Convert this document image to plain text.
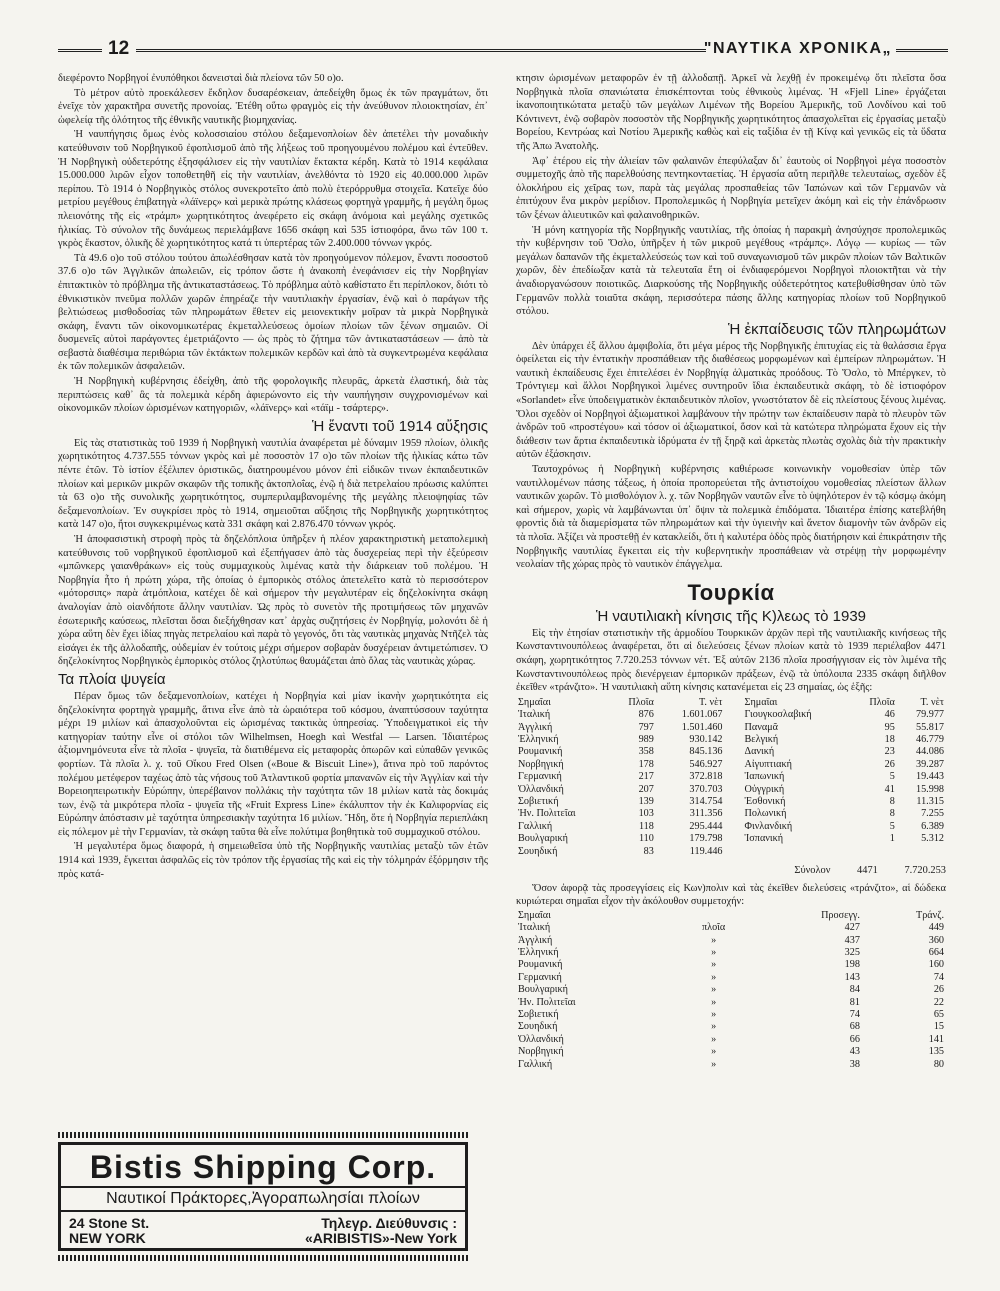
12	"ΝΑΥΤΙΚΑ ΧΡΟΝΙΚΑ„

διεφέροντο Νορβηγοί ἐνυπόθηκοι δανεισταὶ διὰ πλείονα τῶν 50 ο)ο.

Τὸ μέτρον αὐτὸ προεκάλεσεν ἔκδηλον δυσαρέσκειαν, ἀπεδείχθη ὅμως ἐκ τῶν πραγμάτων, ὅτι ἐνεῖχε τὸν χαρακτῆρα συνετῆς προνοίας. Ἐτέθη οὕτω φραγμὸς εἰς τὴν ἀνεύθυνον πλοιοκτησίαν, ἐπ᾽ ὠφελείᾳ τῆς ὁλότητος τῆς ἐθνικῆς ναυτικῆς βιομηχανίας.

Ἡ ναυπήγησις ὅμως ἑνὸς κολοσσιαίου στόλου δεξαμενοπλοίων δὲν ἀπετέλει τὴν μοναδικὴν κατεύθυνσιν τοῦ Νορβηγικοῦ ἐφοπλισμοῦ ἀπὸ τῆς λήξεως τοῦ προηγουμένου πολέμου καὶ ἐντεῦθεν. Ἡ Νορβηγικὴ οὐδετερότης ἐξησφάλισεν εἰς τὴν ναυτιλίαν ἔκτακτα κέρδη. Κατὰ τὸ 1914 κεφάλαια 15.000.000 λιρῶν εἶχον τοποθετηθῆ εἰς τὴν ναυτιλίαν, ἀνελθόντα τὸ 1920 εἰς 40.000.000 λιρῶν περίπου. Τὸ 1914 ὁ Νορβηγικὸς στόλος συνεκροτεῖτο ἀπὸ πολὺ ἑτερόρρυθμα στοιχεῖα. Κατεῖχε δύο μετρίου μεγέθους ἐπιβατηγὰ «λάϊνερς» καὶ μερικὰ πρώτης κλάσεως φορτηγὰ γραμμῆς, ἡ μεγάλη ὅμως πλειονότης τῆς εἰς «τράμπ» χωρητικότητος ἀνεφέρετο εἰς σκάφη ἀνόμοια καὶ μεγάλης σχετικῶς ἡλικίας. Τὸ σύνολον τῆς δυνάμεως περιελάμβανε 1656 σκάφη καὶ 535 ἱστιοφόρα, ἄνω τῶν 100 τ. γκρὸς ἕκαστον, ὁλικῆς δὲ χωρητικότητος κατά τι ὑπερτέρας τῶν 2.400.000 τόννων γκρός.

Τὰ 49.6 ο)ο τοῦ στόλου τούτου ἀπωλέσθησαν κατὰ τὸν προηγούμενον πόλεμον, ἔναντι ποσοστοῦ 37.6 ο)ο τῶν Ἀγγλικῶν ἀπωλειῶν, εἰς τρόπον ὥστε ἡ ἀνακοπὴ ἐνεφάνισεν εἰς τὴν Νορβηγίαν ἐπιτακτικὸν τὸ πρόβλημα τῆς ἀντικαταστάσεως. Τὸ πρόβλημα αὐτὸ καθίστατο ἔτι περίπλοκον, διότι τὸ ἐθνικιστικὸν πνεῦμα πολλῶν χωρῶν ἐπηρέαζε τὴν ναυτιλιακὴν ἐργασίαν, ἐνῷ καὶ ὁ παράγων τῆς βελτιώσεως μισθοδοσίας τῶν πληρωμάτων ἔθετεν εἰς μειονεκτικὴν μοῖραν τὰ μικρὰ Νορβηγικὰ σκάφη, ἔναντι τῶν οἰκονομικωτέρας ἐκμεταλλεύσεως ὁμοίων πλοίων τῶν ξένων σημαιῶν. Οἱ δυσμενεῖς αὐτοὶ παράγοντες ἐμετριάζοντο — ὡς πρὸς τὸ ζήτημα τῶν ἀντικαταστάσεων — ἀπὸ τὰ σεβαστὰ διαθέσιμα περιθώρια τῶν ἐκτάκτων πολεμικῶν κερδῶν καὶ ἀπὸ τὰ συγκεντρωμένα κεφάλαια ἐκ τῶν πολεμικῶν ἀσφαλειῶν.

Ἡ Νορβηγικὴ κυβέρνησις ἐδείχθη, ἀπὸ τῆς φορολογικῆς πλευρᾶς, ἀρκετὰ ἐλαστική, διὰ τὰς περιπτώσεις καθ᾽ ἃς τὰ πολεμικὰ κέρδη ἀφιερώνοντο εἰς τὴν ναυπήγησιν συγχρονισμένων καὶ οἰκονομικῶν πλοίων ὡρισμένων κατηγοριῶν, «λάϊνερς» καὶ «τάϊμ - τσάρτερς».

Ἡ ἔναντι τοῦ 1914 αὔξησις

Εἰς τὰς στατιστικὰς τοῦ 1939 ἡ Νορβηγικὴ ναυτιλία ἀναφέρεται μὲ δύναμιν 1959 πλοίων, ὁλικῆς χωρητικότητος 4.737.555 τόννων γκρὸς καὶ μὲ ποσοστὸν 17 ο)ο τῶν πλοίων τῆς ἡλικίας κάτω τῶν πέντε ἐτῶν. Τὸ ἱστίον ἐξέλιπεν ὁριστικῶς, διατηρουμένου μόνον ἐπὶ εἰδικῶν τινων ἐκπαιδευτικῶν πλοίων καὶ μερικῶν μικρῶν σκαφῶν τῆς τοπικῆς ἀκτοπλοΐας, ἐνῷ ἡ διὰ πετρελαίου πρόωσις καλύπτει τὰ 63 ο)ο τῆς συνολικῆς χωρητικότητος, συμπεριλαμβανομένης τῆς μεγάλης πλειοψηφίας τῶν δεξαμενοπλοίων. Ἐν συγκρίσει πρὸς τὸ 1914, σημειοῦται αὔξησις τῆς Νορβηγικῆς χωρητικότητος κατὰ 147 ο)ο, ἤτοι συγκεκριμένως κατὰ 331 σκάφη καὶ 2.876.470 τόννων γκρός.

Ἡ ἀποφασιστικὴ στροφὴ πρὸς τὰ δηζελόπλοια ὑπῆρξεν ἡ πλέον χαρακτηριστικὴ μεταπολεμικὴ κατεύθυνσις τοῦ νορβηγικοῦ ἐφοπλισμοῦ καὶ ἐξεπήγασεν ἀπὸ τὰς δυσχερείας περὶ τὴν ἐξεύρεσιν «μπῶνκερς γαιανθράκων» εἰς τοὺς συμμαχικοὺς λιμένας κατὰ τὴν διάρκειαν τοῦ πολέμου. Ἡ Νορβηγία ἦτο ἡ πρώτη χώρα, τῆς ὁποίας ὁ ἐμπορικὸς στόλος ἀπετελεῖτο κατὰ τὸ περισσότερον «μότορσιπς» παρὰ ἀτμόπλοια, κατέχει δὲ καὶ σήμερον τὴν μεγαλυτέραν εἰς δηζελοκίνητα σκάφη ἀναλογίαν ἀπὸ οἱανδήποτε ἄλλην ναυτιλίαν. Ὡς πρὸς τὸ συνετὸν τῆς προτιμήσεως τῶν μηχανῶν ἐσωτερικῆς καύσεως, πλεῖσται ὅσαι διεξήχθησαν κατ᾽ ἀρχὰς συζητήσεις ἐν Νορβηγίᾳ, μολονότι δὲ ἡ χώρα αὕτη δὲν ἔχει ἰδίας πηγὰς πετρελαίου καὶ παρὰ τὸ γεγονός, ὅτι τὰς ναυτικὰς μηχανὰς Ντῆζελ τὰς εἰσάγει ἐκ τῆς ἀλλοδαπῆς, οὐδεμίαν ἐν τούτοις μέχρι σήμερον σοβαρὰν δυσχέρειαν ἀντιμετώπισεν. Ὁ δηζελοκίνητος Νορβηγικὸς ἐμπορικὸς στόλος ζηλοτύπως θαυμάζεται ἀπὸ ὅλας τὰς ναυτικὰς χώρας.

Τα πλοία ψυγεία

Πέραν ὅμως τῶν δεξαμενοπλοίων, κατέχει ἡ Νορβηγία καὶ μίαν ἱκανὴν χωρητικότητα εἰς δηζελοκίνητα φορτηγὰ γραμμῆς, ἅτινα εἶνε ἀπὸ τὰ ὡραιότερα τοῦ κόσμου, ἀναπτύσσουν ταχύτητα μέχρι 19 μιλίων καὶ ἀπασχολοῦνται εἰς ὡρισμένας τακτικὰς ὑπηρεσίας. Ὑποδειγματικοὶ εἰς τὴν κατηγορίαν ταύτην εἶνε οἱ στόλοι τῶν Wilhelmsen, Hoegh καὶ Westfal — Larsen. Ἰδιαιτέρως ἀξιομνημόνευτα εἶνε τὰ πλοῖα - ψυγεῖα, τὰ διατιθέμενα εἰς μεταφορὰς ὀπωρῶν καὶ εὐπαθῶν γενικῶς φορτίων. Τὰ πλοῖα λ. χ. τοῦ Οἴκου Fred Olsen («Boue & Biscuit Line»), ἅτινα πρὸ τοῦ παρόντος πολέμου μετέφερον ταχέως ἀπὸ τὰς νήσους τοῦ Ἀτλαντικοῦ φορτία μπανανῶν εἰς τὴν Ἀγγλίαν καὶ τὴν Βορειοηπειρωτικὴν Εὐρώπην, ὑπερέβαινον πολλάκις τὴν ταχύτητα τῶν 18 μιλίων κατὰ τὰς δοκιμάς των, ἐνῷ τὰ μικρότερα πλοῖα - ψυγεῖα τῆς «Fruit Express Line» ἐκάλυπτον τὴν ἐκ Καλιφορνίας εἰς Εὐρώπην ἀπόστασιν μὲ ταχύτητα ὑπηρεσιακὴν ταχύτητα 16 μιλίων. Ἤδη, ὅτε ἡ Νορβηγία περιεπλάκη εἰς πόλεμον μὲ τὴν Γερμανίαν, τὰ σκάφη ταῦτα θὰ εἶνε πολύτιμα βοηθητικὰ τοῦ συμμαχικοῦ στόλου.

Ἡ μεγαλυτέρα ὅμως διαφορά, ἡ σημειωθεῖσα ὑπὸ τῆς Νορβηγικῆς ναυτιλίας μεταξὺ τῶν ἐτῶν 1914 καὶ 1939, ἔγκειται ἀσφαλῶς εἰς τὸν τρόπον τῆς ἐργασίας τῆς καὶ εἰς τὴν τόλμηράν ἐξόρμησιν τῆς πρὸς κατά-

Bistis Shipping Corp.
Ναυτικοί Πράκτορες,Ἀγοραπωλησίαι πλοίων
24 Stone St.
NEW YORK
Τηλεγρ. Διεύθυνσις :
«ARIBISTIS»-New York

κτησιν ὡρισμένων μεταφορῶν ἐν τῇ ἀλλοδαπῇ. Ἀρκεῖ νὰ λεχθῇ ἐν προκειμένῳ ὅτι πλεῖστα ὅσα Νορβηγικὰ πλοῖα σπανιώτατα ἐπισκέπτονται τοὺς ἐθνικοὺς λιμένας. Ἡ «Fjell Line» ἐργάζεται ἱκανοποιητικώτατα μεταξὺ τῶν μεγάλων Λιμένων τῆς Βορείου Ἀμερικῆς, τοῦ Λονδίνου καὶ τοῦ Κόντινεντ, ἐνῷ σοβαρὸν ποσοστὸν τῆς Νορβηγικῆς χωρητικότητος ἀπασχολεῖται εἰς ἐργασίας μεταξὺ Βορείου, Κεντρώας καὶ Νοτίου Ἀμερικῆς καθὼς καὶ εἰς ταξίδια ἐν τῇ Κίνᾳ καὶ γενικῶς εἰς τὰ ὕδατα τῆς Ἀπω Ἀνατολῆς.

Ἀφ᾽ ἑτέρου εἰς τὴν ἁλιείαν τῶν φαλαινῶν ἐπεφύλαξαν δι᾽ ἑαυτοὺς οἱ Νορβηγοὶ μέγα ποσοστὸν συμμετοχῆς ἀπὸ τῆς παρελθούσης πεντηκονταετίας. Ἡ ἐργασία αὕτη περιῆλθε τελευταίως, σχεδὸν ἐξ ὁλοκλήρου εἰς χεῖρας των, παρὰ τὰς μεγάλας προσπαθείας τῶν Ἰαπώνων καὶ τῶν Γερμανῶν νὰ ἐπιτύχουν ἕνα μικρὸν μερίδιον. Προπολεμικῶς ἡ Νορβηγία μετεῖχεν ἀκόμη καὶ εἰς τὴν ἐπάνδρωσιν τῶν ξένων ἁλιευτικῶν καὶ φαλαινοθηρικῶν.

Ἡ μόνη κατηγορία τῆς Νορβηγικῆς ναυτιλίας, τῆς ὁποίας ἡ παρακμὴ ἀνησύχησε προπολεμικῶς τὴν κυβέρνησιν τοῦ Ὄσλο, ὑπῆρξεν ἡ τῶν μικροῦ μεγέθους «τράμπς». Λόγῳ — κυρίως — τῶν μεγάλων δαπανῶν τῆς ἐκμεταλλεύσεώς των καὶ τοῦ συναγωνισμοῦ τῶν μικρῶν πλοίων τῶν Βαλτικῶν χωρῶν, δὲν ἐπεδίωξαν κατὰ τὰ τελευταῖα ἔτη οἱ ἐνδιαφερόμενοι Νορβηγοὶ πλοιοκτῆται νὰ τὴν ἀναδιοργανώσουν ποιοτικῶς. Διαρκούσης τῆς Νορβηγικῆς οὐδετερότητος κατεβυθίσθησαν ὑπὸ τῶν Γερμανῶν πολλὰ τοιαῦτα σκάφη, περισσότερα πάσης ἄλλης κατηγορίας πλοίων τοῦ Νορβηγικοῦ στόλου.

Ἡ ἐκπαίδευσις τῶν πληρωμάτων

Δὲν ὑπάρχει ἐξ ἄλλου ἀμφιβολία, ὅτι μέγα μέρος τῆς Νορβηγικῆς ἐπιτυχίας εἰς τὰ θαλάσσια ἔργα ὀφείλεται εἰς τὴν ἐντατικὴν προσπάθειαν τῆς διαθέσεως μορφωμένων καὶ ἐμπείρων πληρωμάτων. Ἡ ναυτικὴ ἐκπαίδευσις ἔχει ἐπιτελέσει ἐν Νορβηγίᾳ ἁλματικὰς προόδους. Τὸ Ὄσλο, τὸ Μπέργκεν, τὸ Τρόντγιεμ καὶ ἄλλοι Νορβηγικοὶ λιμένες συντηροῦν ἴδια ἐκπαιδευτικὰ σκάφη, τὸ δὲ ἱστιοφόρον «Sorlandet» εἶνε ὑποδειγματικὸν ἐκπαιδευτικὸν πλοῖον, γνωστότατον δὲ εἰς πλείστους ξένους λιμένας. Ὅλοι σχεδὸν οἱ Νορβηγοὶ ἀξιωματικοὶ λαμβάνουν τὴν πρώτην των ἐκπαίδευσιν παρὰ τὸ πλευρὸν τῶν ἀνδρῶν τοῦ «προστέγου» καὶ τόσον οἱ ἀξιωματικοί, ὅσον καὶ τὰ κατώτερα πληρώματα ἔχουν εἰς τὴν διάθεσιν των ἄρτια ἐκπαιδευτικὰ ἱδρύματα ἐν τῇ ξηρᾷ καὶ ἀρκετὰς πλωτὰς σχολὰς διὰ τὴν πρακτικὴν αὐτῶν ἐξάσκησιν.

Ταυτοχρόνως ἡ Νορβηγικὴ κυβέρνησις καθιέρωσε κοινωνικὴν νομοθεσίαν ὑπὲρ τῶν ναυτιλλομένων πάσης τάξεως, ἡ ὁποία προπορεύεται τῆς ἀντιστοίχου νομοθεσίας πλείστων ἄλλων ναυτικῶν χωρῶν. Τὸ μισθολόγιον λ. χ. τῶν Νορβηγῶν ναυτῶν εἶνε τὸ ὑψηλότερον ἐν τῷ κόσμῳ ἀκόμη καὶ σήμερον, χωρὶς νὰ λαμβάνωνται ὑπ᾽ ὄψιν τὰ πολεμικὰ ἐπιδόματα. Ἰδιαιτέρα ἐπίσης κατεβλήθη φροντὶς διὰ τὰ διαμερίσματα τῶν πληρωμάτων καὶ τὴν ὑγιεινὴν καὶ ἄνετον διαμονὴν τῶν ἀνδρῶν εἰς τὰ πλοῖα. Ἀξίζει νὰ προστεθῇ ἐν κατακλείδι, ὅτι ἡ καλυτέρα ὁδὸς πρὸς διατήρησιν καὶ ἐπικράτησιν τῆς Νορβηγικῆς ναυτιλίας ἔγκειται εἰς τὴν κυβερνητικὴν προσπάθειαν νὰ στρέψῃ τὴν μορφωμένην νεολαίαν τῆς χώρας πρὸς τὸ ναυτικὸν ἐπάγγελμα.

Τουρκία
Ἡ ναυτιλιακὴ κίνησις τῆς Κ)λεως τὸ 1939

Εἰς τὴν ἐτησίαν στατιστικὴν τῆς ἁρμοδίου Τουρκικῶν ἀρχῶν περὶ τῆς ναυτιλιακῆς κινήσεως τῆς Κωνσταντινουπόλεως ἀναφέρεται, ὅτι αἱ διελεύσεις ξένων πλοίων κατὰ τὸ 1939 περιέλαβον 4471 σκάφη, χωρητικότητος 7.720.253 τόννων νέτ. Ἐξ αὐτῶν 2136 πλοῖα προσήγγισαν εἰς τὸν λιμένα τῆς Κωνσταντινουπόλεως πρὸς διενέργειαν ἐμπορικῶν πράξεων, ἐνῷ τὰ ὑπόλοιπα 2335 σκάφη διῆλθον ἐκεῖθεν «τράνζιτο». Ἡ ναυτιλιακὴ αὕτη κίνησις κατανέμεται εἰς 23 σημαίας, ὡς ἑξῆς:

Σημαῖαι	Πλοῖα	Τ. νὲτ		Σημαῖαι	Πλοῖα	Τ. νὲτ
Ἰταλική	876	1.601.067		Γιουγκοσλαβική	46	79.977
Ἀγγλική	797	1.501.460		Παναμᾶ	95	55.817
Ἑλληνική	989	930.142		Βελγική	18	46.779
Ρουμανική	358	845.136		Δανική	23	44.086
Νορβηγική	178	546.927		Αἰγυπτιακή	26	39.287
Γερμανική	217	372.818		Ἰαπωνική	5	19.443
Ὁλλανδική	207	370.703		Οὐγγρική	41	15.998
Σοβιετική	139	314.754		Ἐσθονική	8	11.315
Ἡν. Πολιτεῖαι	103	311.356		Πολωνική	8	7.255
Γαλλική	118	295.444		Φινλανδική	5	6.389
Βουλγαρική	110	179.798		Ἱσπανική	1	5.312
Σουηδική	83	119.446				
Σύνολον	4471	7.720.253

Ὅσον ἀφορᾷ τὰς προσεγγίσεις εἰς Κων)πολιν καὶ τὰς ἐκεῖθεν διελεύσεις «τράνζιτο», αἱ δώδεκα κυριώτεραι σημαῖαι εἶχον τὴν ἀκόλουθον συμμετοχήν:

Σημαῖαι		Προσεγγ.	Τράνζ.
Ἰταλική	πλοῖα	427	449
Ἀγγλική	»	437	360
Ἑλληνική	»	325	664
Ρουμανική	»	198	160
Γερμανική	»	143	74
Βουλγαρική	»	84	26
Ἡν. Πολιτεῖαι	»	81	22
Σοβιετική	»	74	65
Σουηδική	»	68	15
Ὁλλανδική	»	66	141
Νορβηγική	»	43	135
Γαλλική	»	38	80
